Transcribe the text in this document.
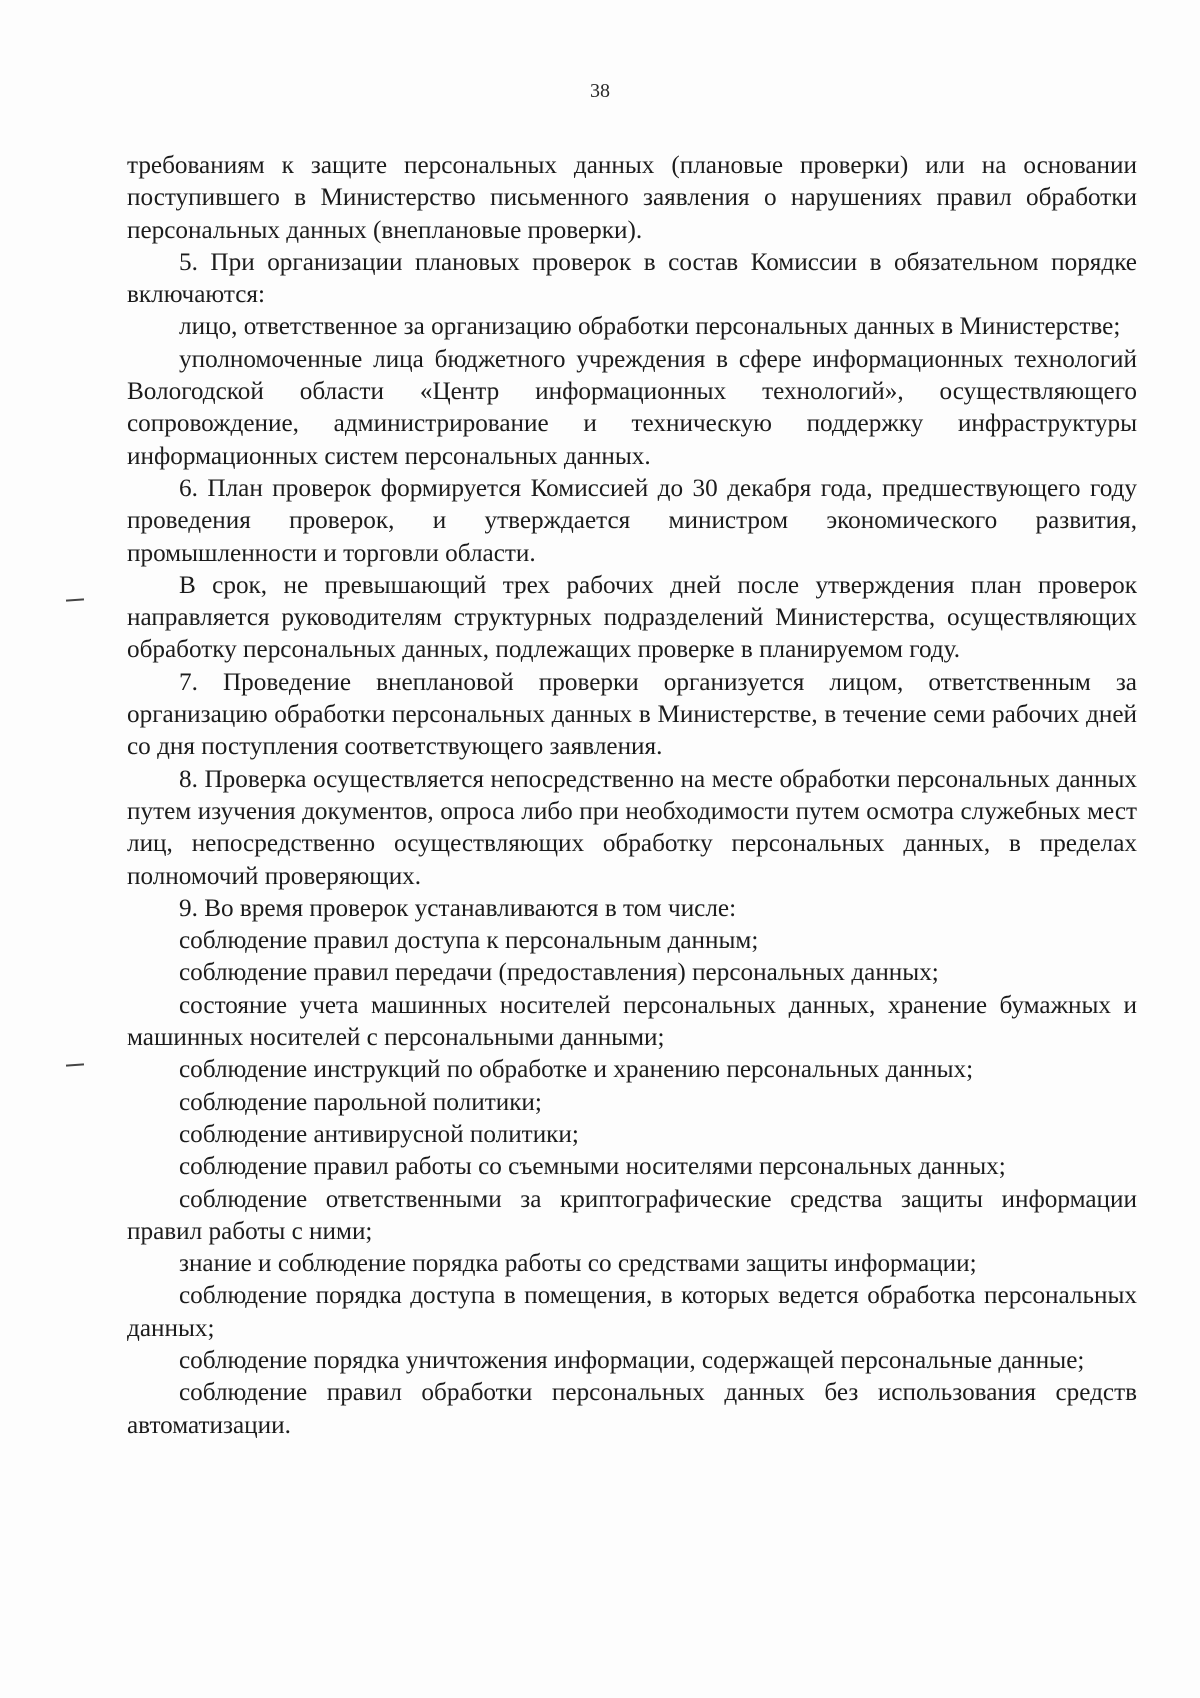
38

требованиям к защите персональных данных (плановые проверки) или на основании поступившего в Министерство письменного заявления о нарушениях правил обработки персональных данных (внеплановые проверки).

5. При организации плановых проверок в состав Комиссии в обязательном порядке включаются:

лицо, ответственное за организацию обработки персональных данных в Министерстве;

уполномоченные лица бюджетного учреждения в сфере информационных технологий Вологодской области «Центр информационных технологий», осуществляющего сопровождение, администрирование и техническую поддержку инфраструктуры информационных систем персональных данных.

6. План проверок формируется Комиссией до 30 декабря года, предшествующего году проведения проверок, и утверждается министром экономического развития, промышленности и торговли области.

В срок, не превышающий трех рабочих дней после утверждения план проверок направляется руководителям структурных подразделений Министерства, осуществляющих обработку персональных данных, подлежащих проверке в планируемом году.

7. Проведение внеплановой проверки организуется лицом, ответственным за организацию обработки персональных данных в Министерстве, в течение семи рабочих дней со дня поступления соответствующего заявления.

8. Проверка осуществляется непосредственно на месте обработки персональных данных путем изучения документов, опроса либо при необходимости путем осмотра служебных мест лиц, непосредственно осуществляющих обработку персональных данных, в пределах полномочий проверяющих.

9. Во время проверок устанавливаются в том числе:

соблюдение правил доступа к персональным данным;

соблюдение правил передачи (предоставления) персональных данных;

состояние учета машинных носителей персональных данных, хранение бумажных и машинных носителей с персональными данными;

соблюдение инструкций по обработке и хранению персональных данных;

соблюдение парольной политики;

соблюдение антивирусной политики;

соблюдение правил работы со съемными носителями персональных данных;

соблюдение ответственными за криптографические средства защиты информации правил работы с ними;

знание и соблюдение порядка работы со средствами защиты информации;

соблюдение порядка доступа в помещения, в которых ведется обработка персональных данных;

соблюдение порядка уничтожения информации, содержащей персональные данные;

соблюдение правил обработки персональных данных без использования средств автоматизации.
